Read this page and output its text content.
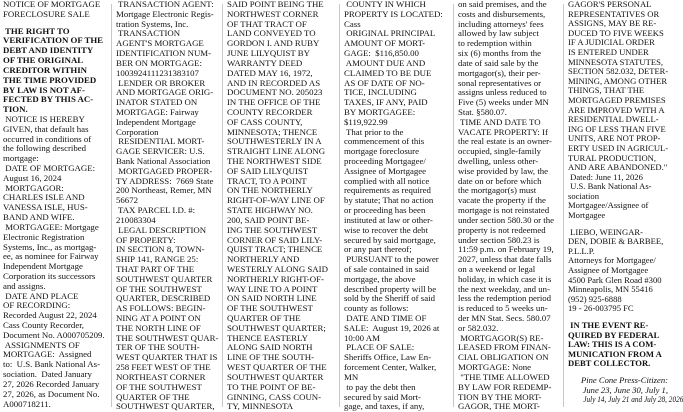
NOTICE OF MORTGAGE

FORECLOSURE SALE

THE RIGHT TO

VERIFICATION OF THE

DEBT AND IDENTITY

OF THE ORIGINAL

CREDITOR WITHIN

THE TIME PROVIDED

BY LAW IS NOT AF-

FECTED BY THIS AC-

TION.

NOTICE IS HEREBY

GIVEN, that default has

occurred in conditions of

the following described

mortgage:

DATE OF MORTGAGE:

August 16, 2024

MORTGAGOR:

CHARLES ISLE AND

VANESSA ISLE, HUS-

BAND AND WIFE.

MORTGAGEE: Mortgage

Electronic Registration

Systems, Inc., as mortgag-

ee, as nominee for Fairway

Independent Mortgage

Corporation its successors

and assigns.

DATE AND PLACE

OF RECORDING:

Recorded August 22, 2024

Cass County Recorder,

Document No. A000705209.

ASSIGNMENTS OF

MORTGAGE:  Assigned

to:  U.S. Bank National As-

sociation.  Dated January

27, 2026 Recorded January

27, 2026, as Document No.

A000718211.

TRANSACTION AGENT:

Mortgage Electronic Regis-

tration Systems, Inc.

TRANSACTION

AGENT'S MORTGAGE

IDENTIFICATION NUM-

BER ON MORTGAGE:

1003924111231383107

LENDER OR BROKER

AND MORTGAGE ORIG-

INATOR STATED ON

MORTGAGE: Fairway

Independent Mortgage

Corporation

RESIDENTIAL MORT-

GAGE SERVICER: U.S.

Bank National Association

MORTGAGED PROPER-

TY ADDRESS:  7669 State

200 Northeast, Remer, MN

56672

TAX PARCEL I.D. #:

210083304

LEGAL DESCRIPTION

OF PROPERTY:

IN SECTION 8, TOWN-

SHIP 141, RANGE 25:

THAT PART OF THE

SOUTHWEST QUARTER

OF THE SOUTHWEST

QUARTER, DESCRIBED

AS FOLLOWS: BEGIN-

NING AT A POINT ON

THE NORTH LINE OF

THE SOUTHWEST QUAR-

TER OF THE SOUTH-

WEST QUARTER THAT IS

258 FEET WEST OF THE

NORTHEAST CORNER

OF THE SOUTHWEST

QUARTER OF THE

SOUTHWEST QUARTER,

SAID POINT BEING THE

NORTHWEST CORNER

OF THAT TRACT OF

LAND CONVEYED TO

GORDON I. AND RUBY

JUNE LILYQUIST BY

WARRANTY DEED

DATED MAY 16, 1972,

AND IN RECORDED AS

DOCUMENT NO. 205023

IN THE OFFICE OF THE

COUNTY RECORDER

OF CASS COUNTY,

MINNESOTA; THENCE

SOUTHWESTERLY IN A

STRAIGHT LINE ALONG

THE NORTHWEST SIDE

OF SAID LILYQUIST

TRACT, TO A POINT

ON THE NORTHERLY

RIGHT-OF-WAY LINE OF

STATE HIGHWAY NO.

200, SAID POINT BE-

ING THE SOUTHWEST

CORNER OF SAID LILY-

QUIST TRACT; THENCE

NORTHERLY AND

WESTERLY ALONG SAID

NORTHERLY RIGHT-OF-

WAY LINE TO A POINT

ON SAID NORTH LINE

OF THE SOUTHWEST

QUARTER OF THE

SOUTHWEST QUARTER;

THENCE EASTERLY

ALONG SAID NORTH

LINE OF THE SOUTH-

WEST QUARTER OF THE

SOUTHWEST QUARTER

TO THE POINT OF BE-

GINNING, CASS COUN-

TY, MINNESOTA

COUNTY IN WHICH

PROPERTY IS LOCATED:

Cass

ORIGINAL PRINCIPAL

AMOUNT OF MORT-

GAGE:  $116,850.00

AMOUNT DUE AND

CLAIMED TO BE DUE

AS OF DATE OF NO-

TICE, INCLUDING

TAXES, IF ANY, PAID

BY MORTGAGEE:

$119,922.99

That prior to the

commencement of this

mortgage foreclosure

proceeding Mortgagee/

Assignee of Mortgagee

complied with all notice

requirements as required

by statute; That no action

or proceeding has been

instituted at law or other-

wise to recover the debt

secured by said mortgage,

or any part thereof;

PURSUANT to the power

of sale contained in said

mortgage, the above

described property will be

sold by the Sheriff of said

county as follows:

DATE AND TIME OF

SALE:  August 19, 2026 at

10:00 AM

PLACE OF SALE:

Sheriffs Office, Law En-

forcement Center, Walker,

MN

to pay the debt then

secured by said Mort-

gage, and taxes, if any,

on said premises, and the

costs and disbursements,

including attorneys' fees

allowed by law subject

to redemption within

six (6) months from the

date of said sale by the

mortgagor(s), their per-

sonal representatives or

assigns unless reduced to

Five (5) weeks under MN

Stat. §580.07.

TIME AND DATE TO

VACATE PROPERTY: If

the real estate is an owner-

occupied, single-family

dwelling, unless other-

wise provided by law, the

date on or before which

the mortgagor(s) must

vacate the property if the

mortgage is not reinstated

under section 580.30 or the

property is not redeemed

under section 580.23 is

11:59 p.m. on February 19,

2027, unless that date falls

on a weekend or legal

holiday, in which case it is

the next weekday, and un-

less the redemption period

is reduced to 5 weeks un-

der MN Stat. Secs. 580.07

or 582.032.

MORTGAGOR(S) RE-

LEASED FROM FINAN-

CIAL OBLIGATION ON

MORTGAGE: None

"THE TIME ALLOWED

BY LAW FOR REDEMP-

TION BY THE MORT-

GAGOR, THE MORT-

GAGOR'S PERSONAL

REPRESENTATIVES OR

ASSIGNS, MAY BE RE-

DUCED TO FIVE WEEKS

IF A JUDICIAL ORDER

IS ENTERED UNDER

MINNESOTA STATUTES,

SECTION 582.032, DETER-

MINING, AMONG OTHER

THINGS, THAT THE

MORTGAGED PREMISES

ARE IMPROVED WITH A

RESIDENTIAL DWELL-

ING OF LESS THAN FIVE

UNITS, ARE NOT PROP-

ERTY USED IN AGRICUL-

TURAL PRODUCTION,

AND ARE ABANDONED."

Dated: June 11, 2026

U.S. Bank National As-

sociation

Mortgagee/Assignee of

Mortgagee

LIEBO, WEINGAR-

DEN, DOBIE & BARBEE,

P.L.L.P.

Attorneys for Mortgagee/

Assignee of Mortgagee

4500 Park Glen Road #300

Minneapolis, MN 55416

(952) 925-6888

19 - 26-003795 FC

IN THE EVENT RE-

QUIRED BY FEDERAL

LAW: THIS IS A COM-

MUNICATION FROM A

DEBT COLLECTOR.

Pine Cone Press-Citizen:

June 23, June 30, July 1,

July 14, July 21 and July 28, 2026
